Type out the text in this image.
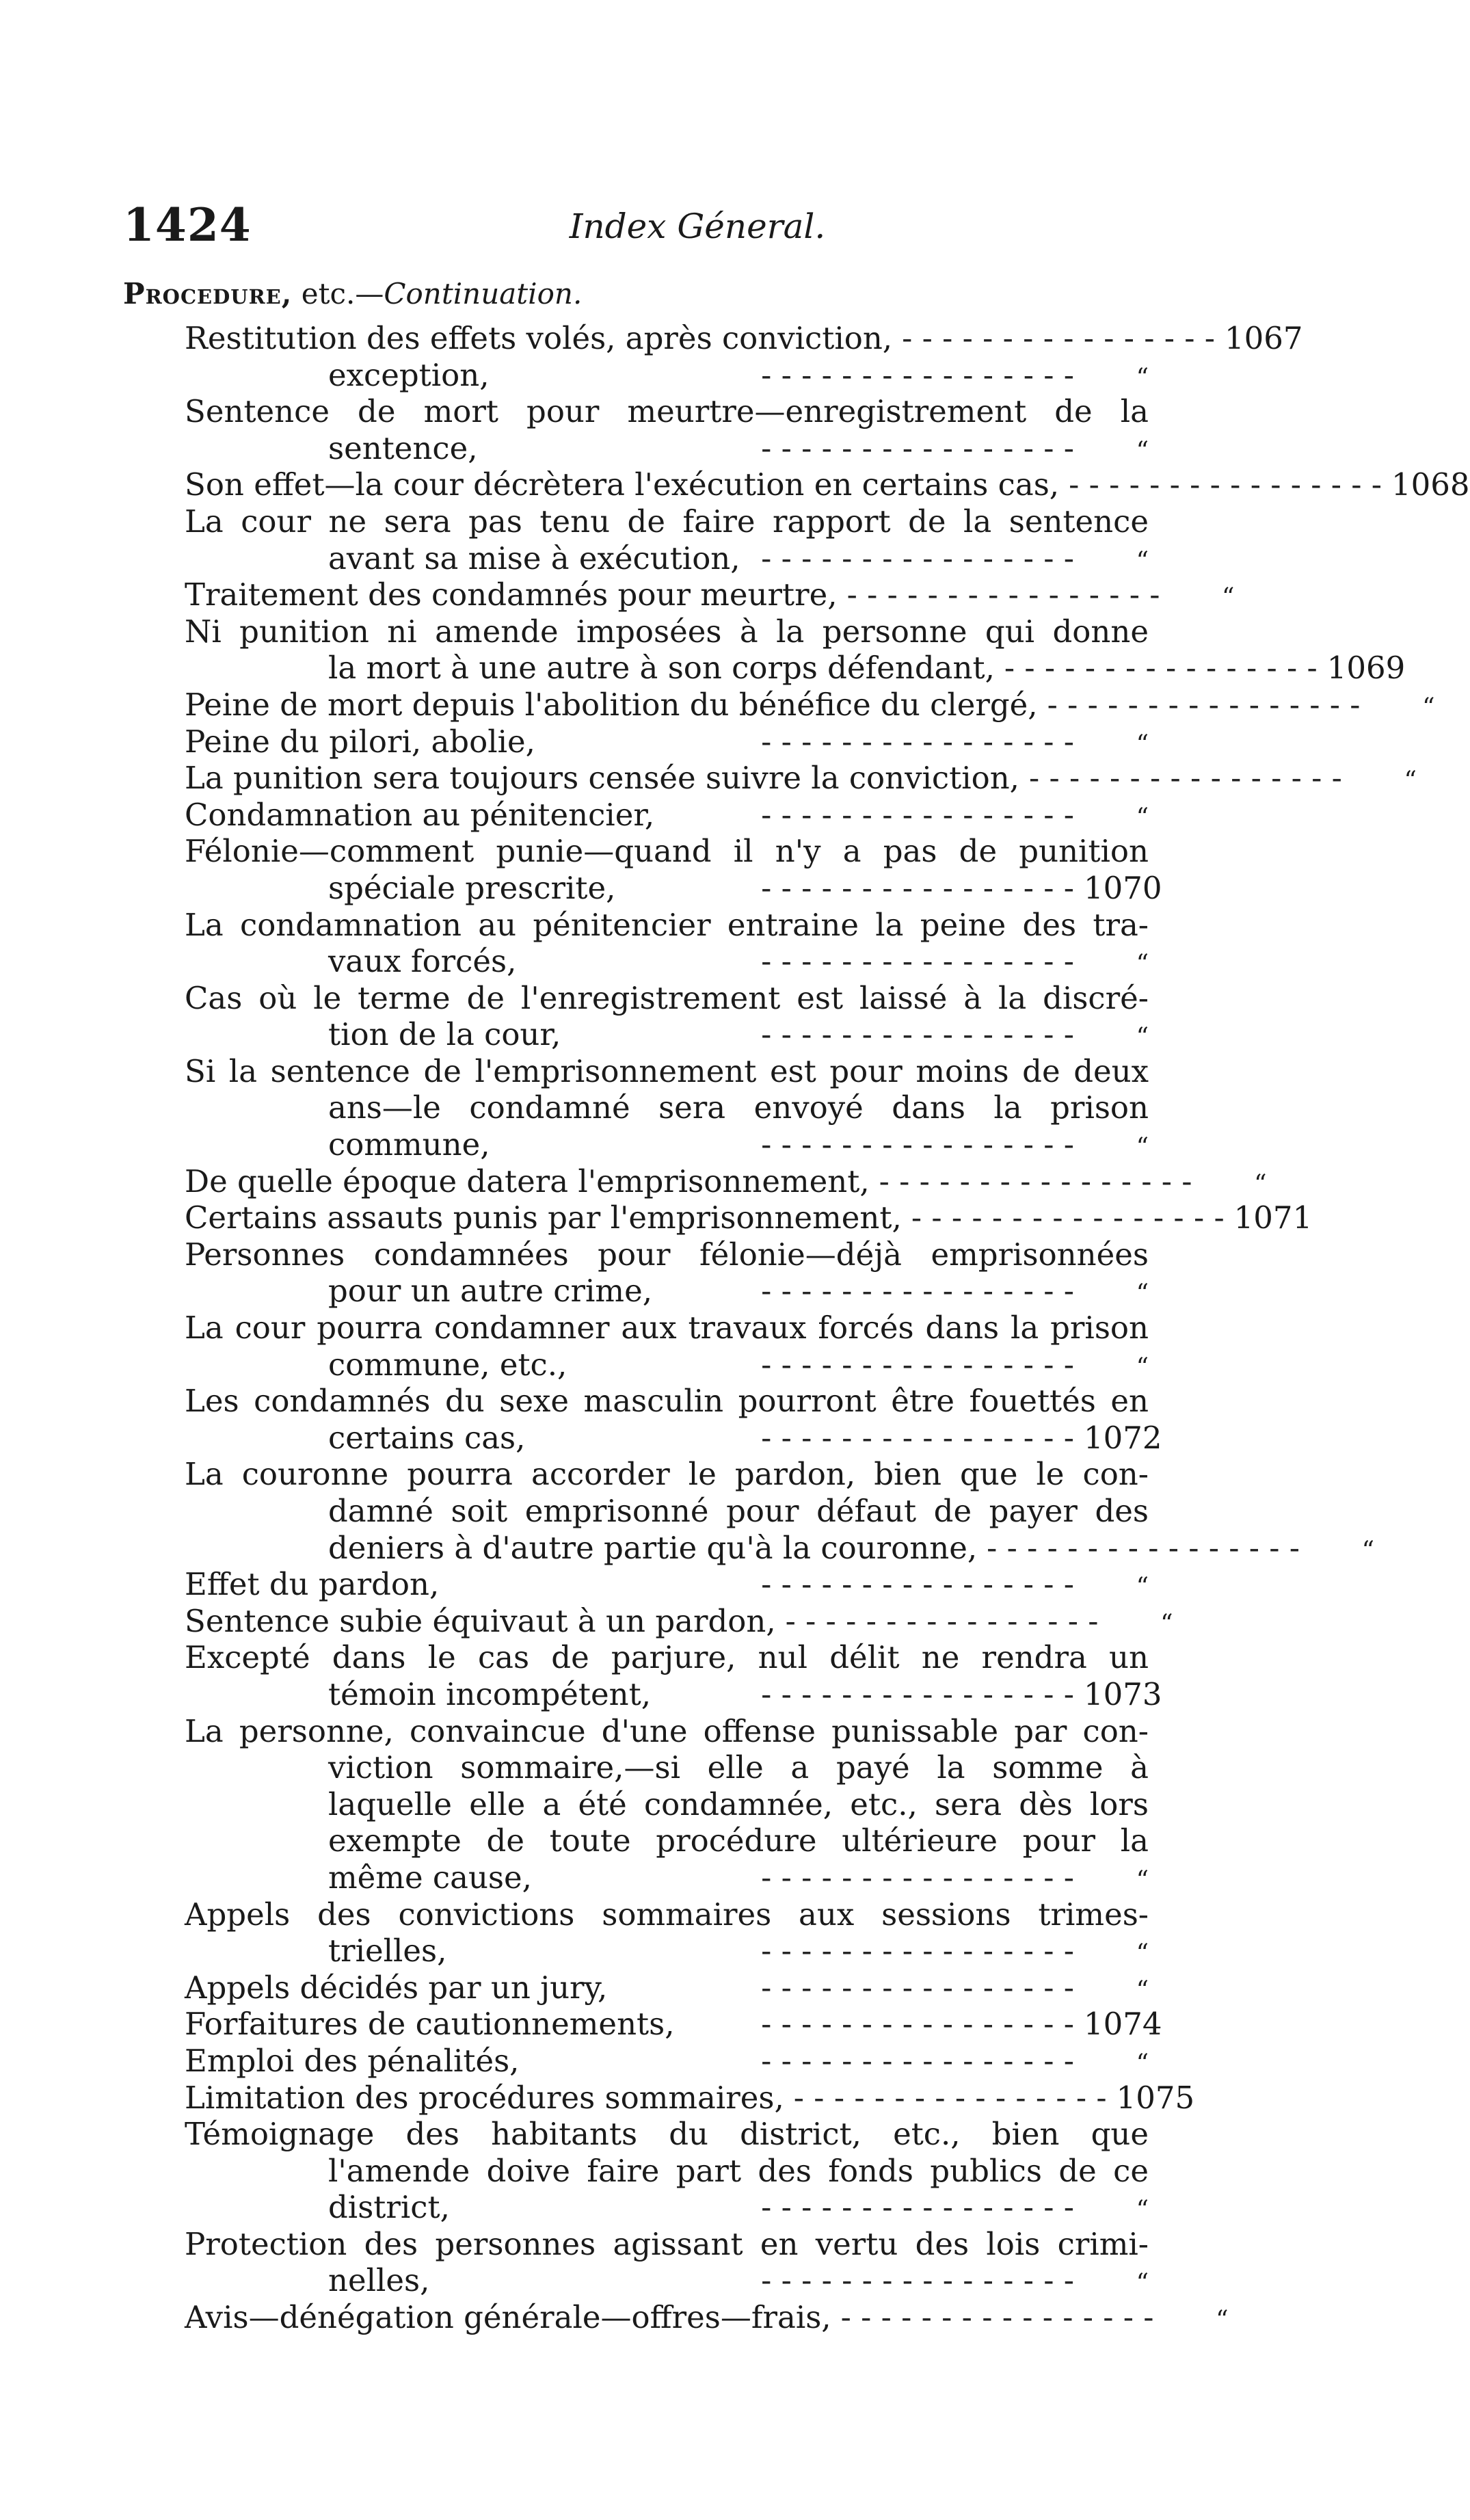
1424	Index Géneral.
Procedure, etc.—Continuation.
Restitution des effets volés, après conviction, - - - - - - - - - - - - - - - - 1067
exception,	- - - - - - - - - - - - - - - -	“
Sentence de mort pour meurtre—enregistrement de la
sentence,	- - - - - - - - - - - - - - - -	“
Son effet—la cour décrètera l'exécution en certains cas, - - - - - - - - - - - - - - - - 1068
La cour ne sera pas tenu de faire rapport de la sentence
avant sa mise à exécution, - - - - - - - - - - - - - - - -	“
Traitement des condamnés pour meurtre, - - - - - - - - - - - - - - - -	“
Ni punition ni amende imposées à la personne qui donne
la mort à une autre à son corps défendant, - - - - - - - - - - - - - - - - 1069
Peine de mort depuis l'abolition du bénéfice du clergé, - - - - - - - - - - - - - - - -	“
Peine du pilori, abolie,	- - - - - - - - - - - - - - - -	“
La punition sera toujours censée suivre la conviction, - - - - - - - - - - - - - - - -	“
Condamnation au pénitencier,	- - - - - - - - - - - - - - - -	“
Félonie—comment punie—quand il n'y a pas de punition
spéciale prescrite,	- - - - - - - - - - - - - - - - 1070
La condamnation au pénitencier entraine la peine des tra-
vaux forcés,	- - - - - - - - - - - - - - - -	“
Cas où le terme de l'enregistrement est laissé à la discré-
tion de la cour,	- - - - - - - - - - - - - - - -	“
Si la sentence de l'emprisonnement est pour moins de deux
ans—le condamné sera envoyé dans la prison
commune,	- - - - - - - - - - - - - - - -	“
De quelle époque datera l'emprisonnement, - - - - - - - - - - - - - - - -	“
Certains assauts punis par l'emprisonnement, - - - - - - - - - - - - - - - - 1071
Personnes condamnées pour félonie—déjà emprisonnées
pour un autre crime,	- - - - - - - - - - - - - - - -	“
La cour pourra condamner aux travaux forcés dans la prison
commune, etc.,	- - - - - - - - - - - - - - - -	“
Les condamnés du sexe masculin pourront être fouettés en
certains cas,	- - - - - - - - - - - - - - - - 1072
La couronne pourra accorder le pardon, bien que le con-
damné soit emprisonné pour défaut de payer des
deniers à d'autre partie qu'à la couronne, - - - - - - - - - - - - - - - -	“
Effet du pardon,	- - - - - - - - - - - - - - - -	“
Sentence subie équivaut à un pardon, - - - - - - - - - - - - - - - -	“
Excepté dans le cas de parjure, nul délit ne rendra un
témoin incompétent,	- - - - - - - - - - - - - - - - 1073
La personne, convaincue d'une offense punissable par con-
viction sommaire,—si elle a payé la somme à
laquelle elle a été condamnée, etc., sera dès lors
exempte de toute procédure ultérieure pour la
même cause,	- - - - - - - - - - - - - - - -	“
Appels des convictions sommaires aux sessions trimes-
trielles,	- - - - - - - - - - - - - - - -	“
Appels décidés par un jury,	- - - - - - - - - - - - - - - -	“
Forfaitures de cautionnements,	- - - - - - - - - - - - - - - - 1074
Emploi des pénalités,	- - - - - - - - - - - - - - - -	“
Limitation des procédures sommaires, - - - - - - - - - - - - - - - - 1075
Témoignage des habitants du district, etc., bien que
l'amende doive faire part des fonds publics de ce
district,	- - - - - - - - - - - - - - - -	“
Protection des personnes agissant en vertu des lois crimi-
nelles,	- - - - - - - - - - - - - - - -	“
Avis—dénégation générale—offres—frais, - - - - - - - - - - - - - - - -	“
